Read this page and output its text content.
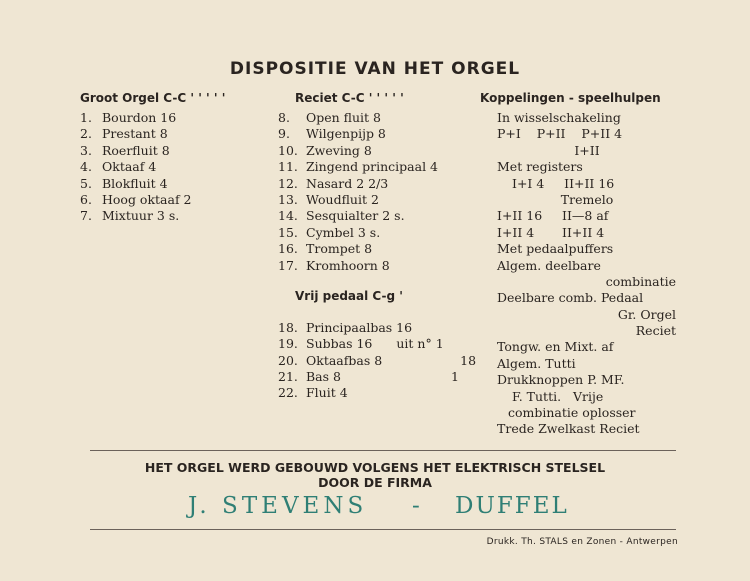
DISPOSITIE VAN HET ORGEL
Groot Orgel C-C ' ' ' ' '
1. Bourdon 16
2. Prestant 8
3. Roerfluit 8
4. Oktaaf 4
5. Blokfluit 4
6. Hoog oktaaf 2
7. Mixtuur 3 s.
Reciet C-C ' ' ' ' '
8. Open fluit 8
9. Wilgenpijp 8
10. Zweving 8
11. Zingend principaal 4
12. Nasard 2 2/3
13. Woudfluit 2
14. Sesquialter 2 s.
15. Cymbel 3 s.
16. Trompet 8
17. Kromhoorn 8
Vrij pedaal C-g '
18. Principaalbas 16
19. Subbas 16 uit n° 1
20. Oktaafbas 8	18
21. Bas 8	1
22. Fluit 4
Koppelingen - speelhulpen
In wisselschakeling
P+I    P+II    P+II 4
I+II
Met registers
I+I 4     II+II 16
Tremelo
I+II 16     II—8 af
I+II 4       II+II 4
Met pedaalpuffers
Algem. deelbare
combinatie
Deelbare comb. Pedaal
Gr. Orgel
Reciet
Tongw. en Mixt. af
Algem. Tutti
Drukknoppen P. MF.
F. Tutti.   Vrije
combinatie oplosser
Trede Zwelkast Reciet
HET ORGEL WERD GEBOUWD VOLGENS HET ELEKTRISCH STELSEL
DOOR DE FIRMA
J. STEVENS - DUFFEL
Drukk. Th. STALS en Zonen - Antwerpen
